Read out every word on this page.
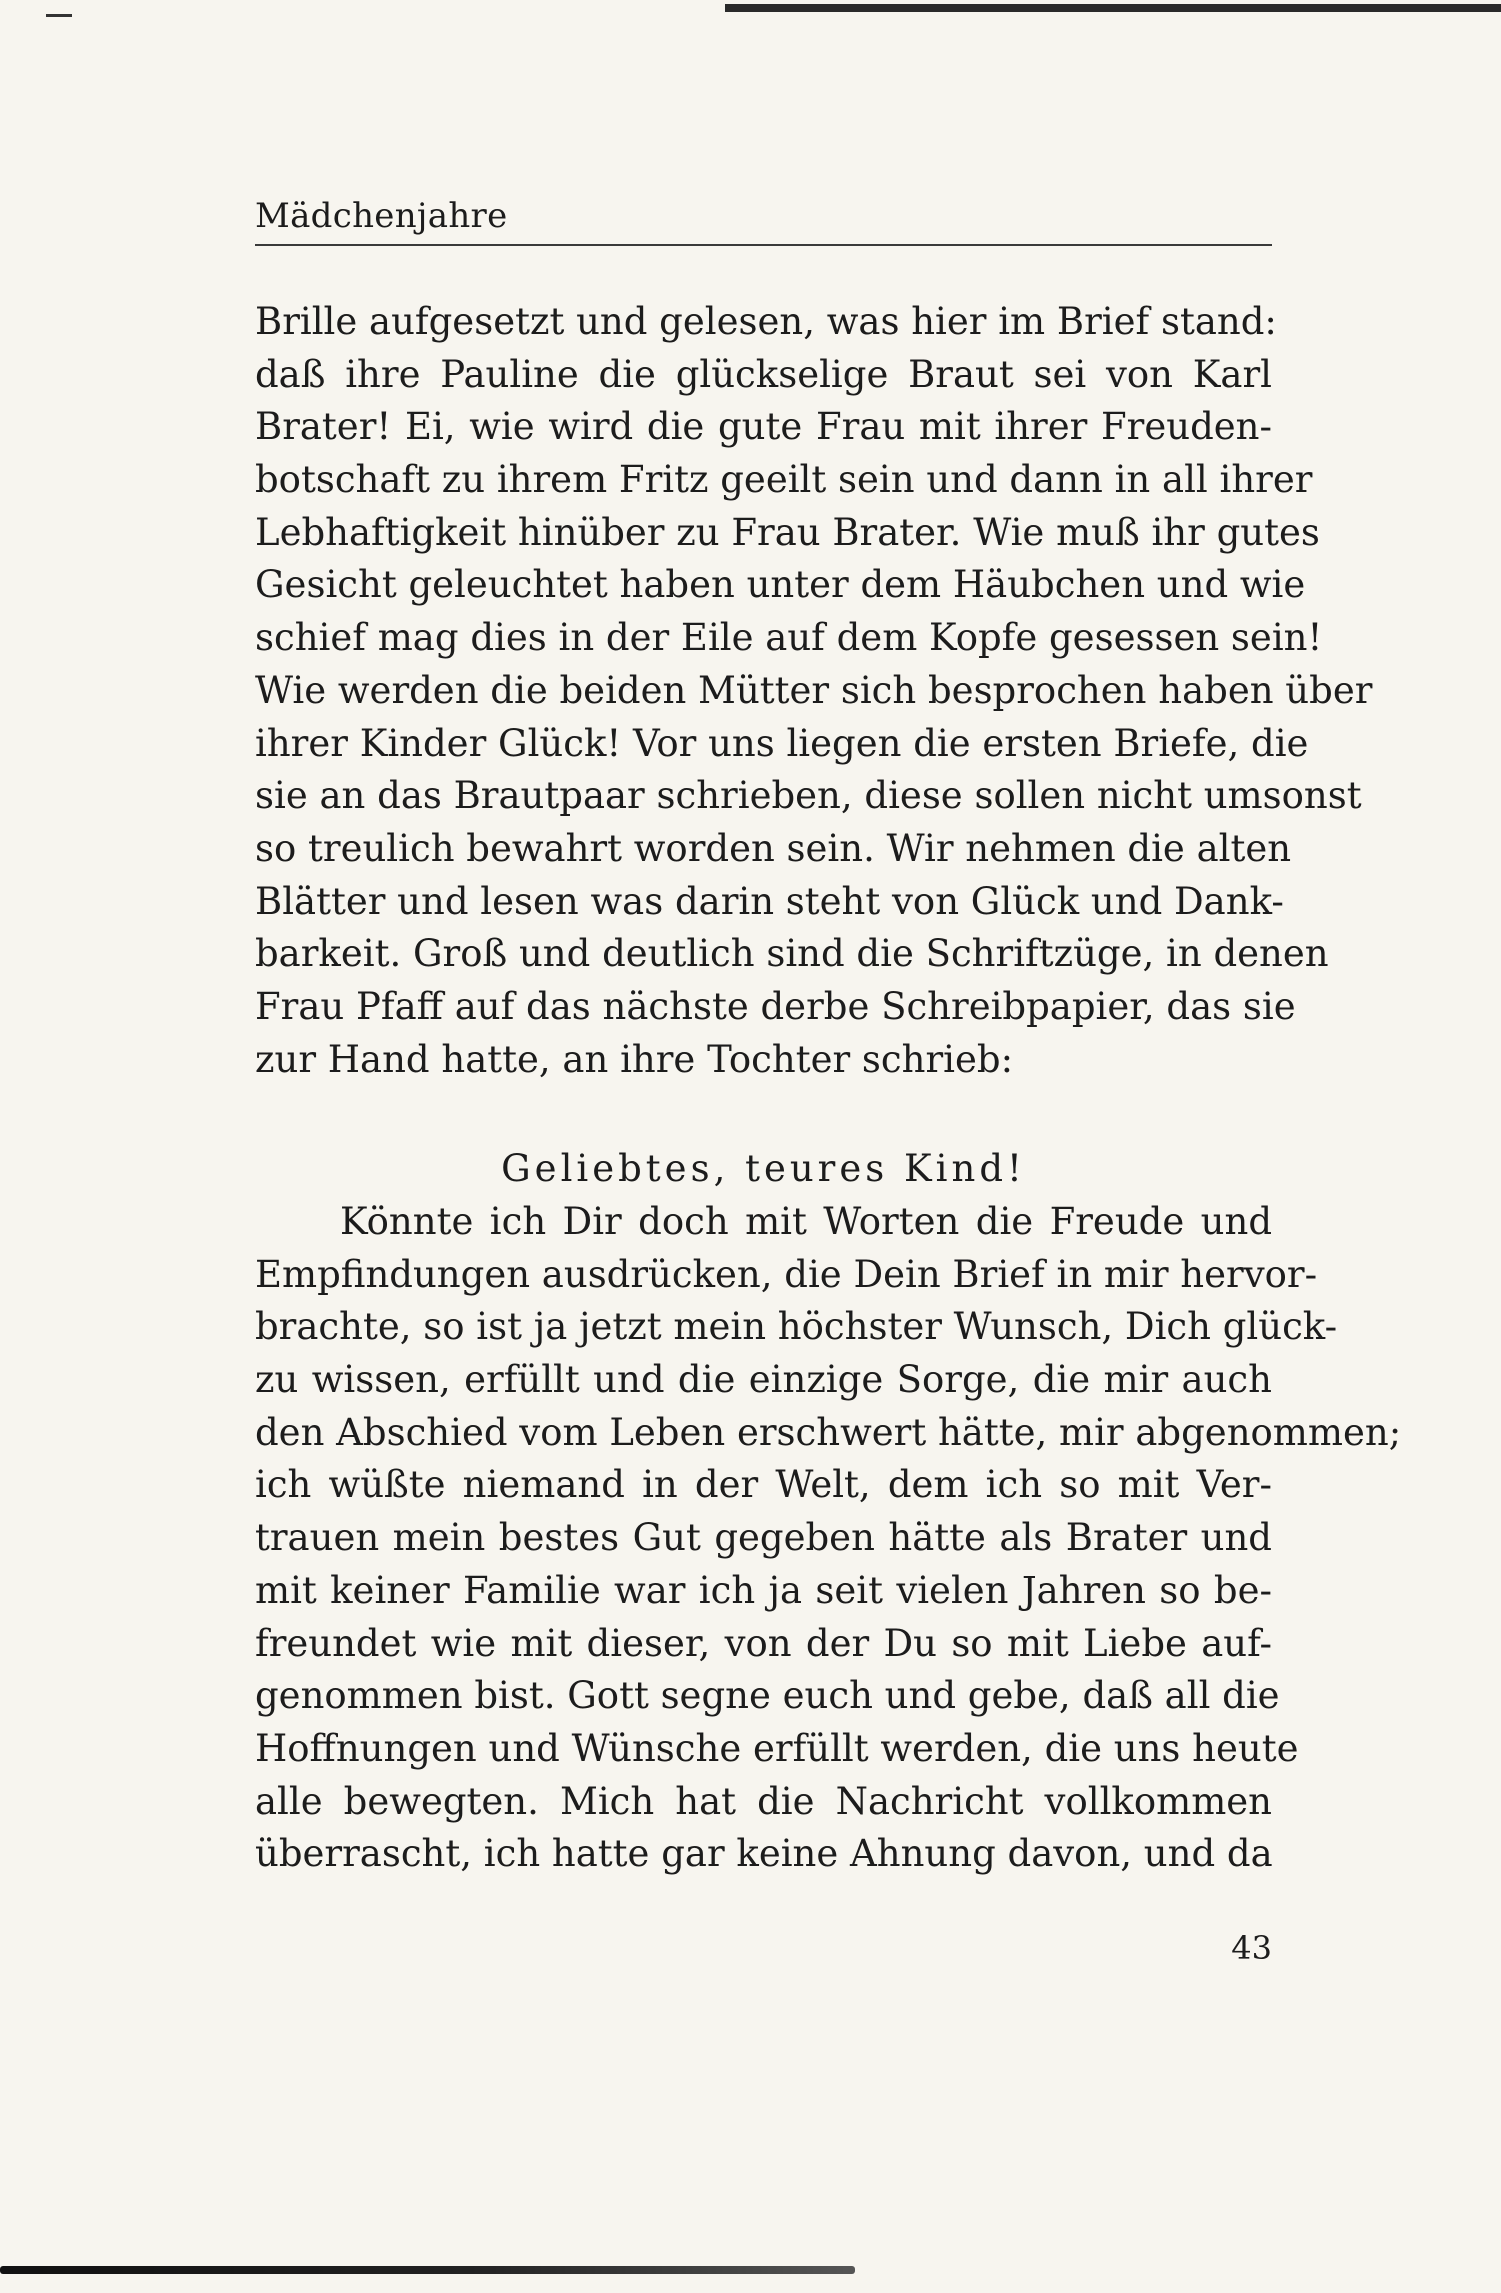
Mädchenjahre
Brille aufgesetzt und gelesen, was hier im Brief stand:
daß ihre Pauline die glückselige Braut sei von Karl
Brater! Ei, wie wird die gute Frau mit ihrer Freuden-
botschaft zu ihrem Fritz geeilt sein und dann in all ihrer
Lebhaftigkeit hinüber zu Frau Brater. Wie muß ihr gutes
Gesicht geleuchtet haben unter dem Häubchen und wie
schief mag dies in der Eile auf dem Kopfe gesessen sein!
Wie werden die beiden Mütter sich besprochen haben über
ihrer Kinder Glück! Vor uns liegen die ersten Briefe, die
sie an das Brautpaar schrieben, diese sollen nicht umsonst
so treulich bewahrt worden sein. Wir nehmen die alten
Blätter und lesen was darin steht von Glück und Dank-
barkeit. Groß und deutlich sind die Schriftzüge, in denen
Frau Pfaff auf das nächste derbe Schreibpapier, das sie
zur Hand hatte, an ihre Tochter schrieb:
Geliebtes, teures Kind!
Könnte ich Dir doch mit Worten die Freude und
Empfindungen ausdrücken, die Dein Brief in mir hervor-
brachte, so ist ja jetzt mein höchster Wunsch, Dich glück-
zu wissen, erfüllt und die einzige Sorge, die mir auch
den Abschied vom Leben erschwert hätte, mir abgenommen;
ich wüßte niemand in der Welt, dem ich so mit Ver-
trauen mein bestes Gut gegeben hätte als Brater und
mit keiner Familie war ich ja seit vielen Jahren so be-
freundet wie mit dieser, von der Du so mit Liebe auf-
genommen bist. Gott segne euch und gebe, daß all die
Hoffnungen und Wünsche erfüllt werden, die uns heute
alle bewegten. Mich hat die Nachricht vollkommen
überrascht, ich hatte gar keine Ahnung davon, und da
43
